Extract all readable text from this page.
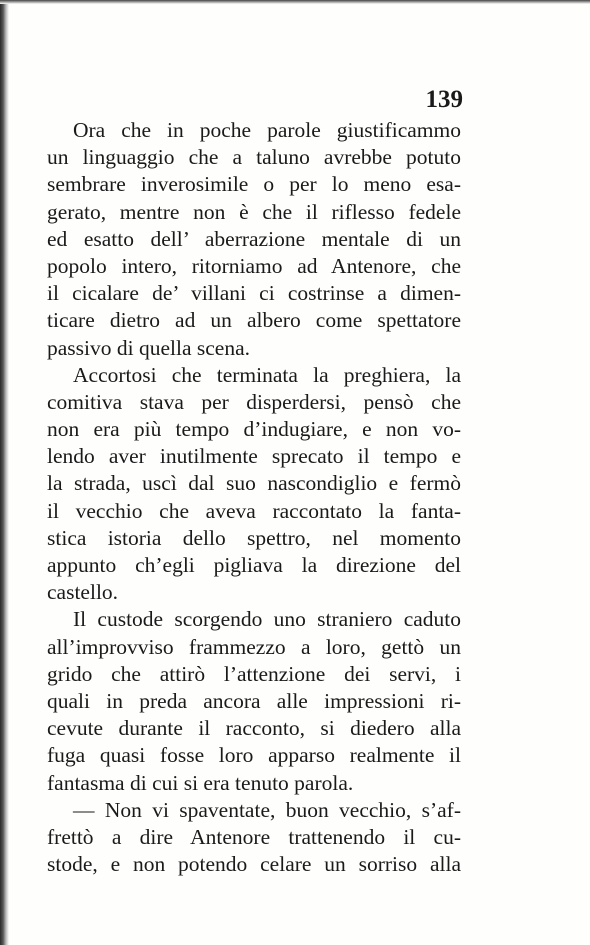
139
Ora che in poche parole giustificammo
un linguaggio che a taluno avrebbe potuto
sembrare inverosimile o per lo meno esa-
gerato, mentre non è che il riflesso fedele
ed esatto dell’ aberrazione mentale di un
popolo intero, ritorniamo ad Antenore, che
il cicalare de’ villani ci costrinse a dimen-
ticare dietro ad un albero come spettatore
passivo di quella scena.
Accortosi che terminata la preghiera, la
comitiva stava per disperdersi, pensò che
non era più tempo d’indugiare, e non vo-
lendo aver inutilmente sprecato il tempo e
la strada, uscì dal suo nascondiglio e fermò
il vecchio che aveva raccontato la fanta-
stica istoria dello spettro, nel momento
appunto ch’egli pigliava la direzione del
castello.
Il custode scorgendo uno straniero caduto
all’improvviso frammezzo a loro, gettò un
grido che attirò l’attenzione dei servi, i
quali in preda ancora alle impressioni ri-
cevute durante il racconto, si diedero alla
fuga quasi fosse loro apparso realmente il
fantasma di cui si era tenuto parola.
— Non vi spaventate, buon vecchio, s’af-
frettò a dire Antenore trattenendo il cu-
stode, e non potendo celare un sorriso alla
